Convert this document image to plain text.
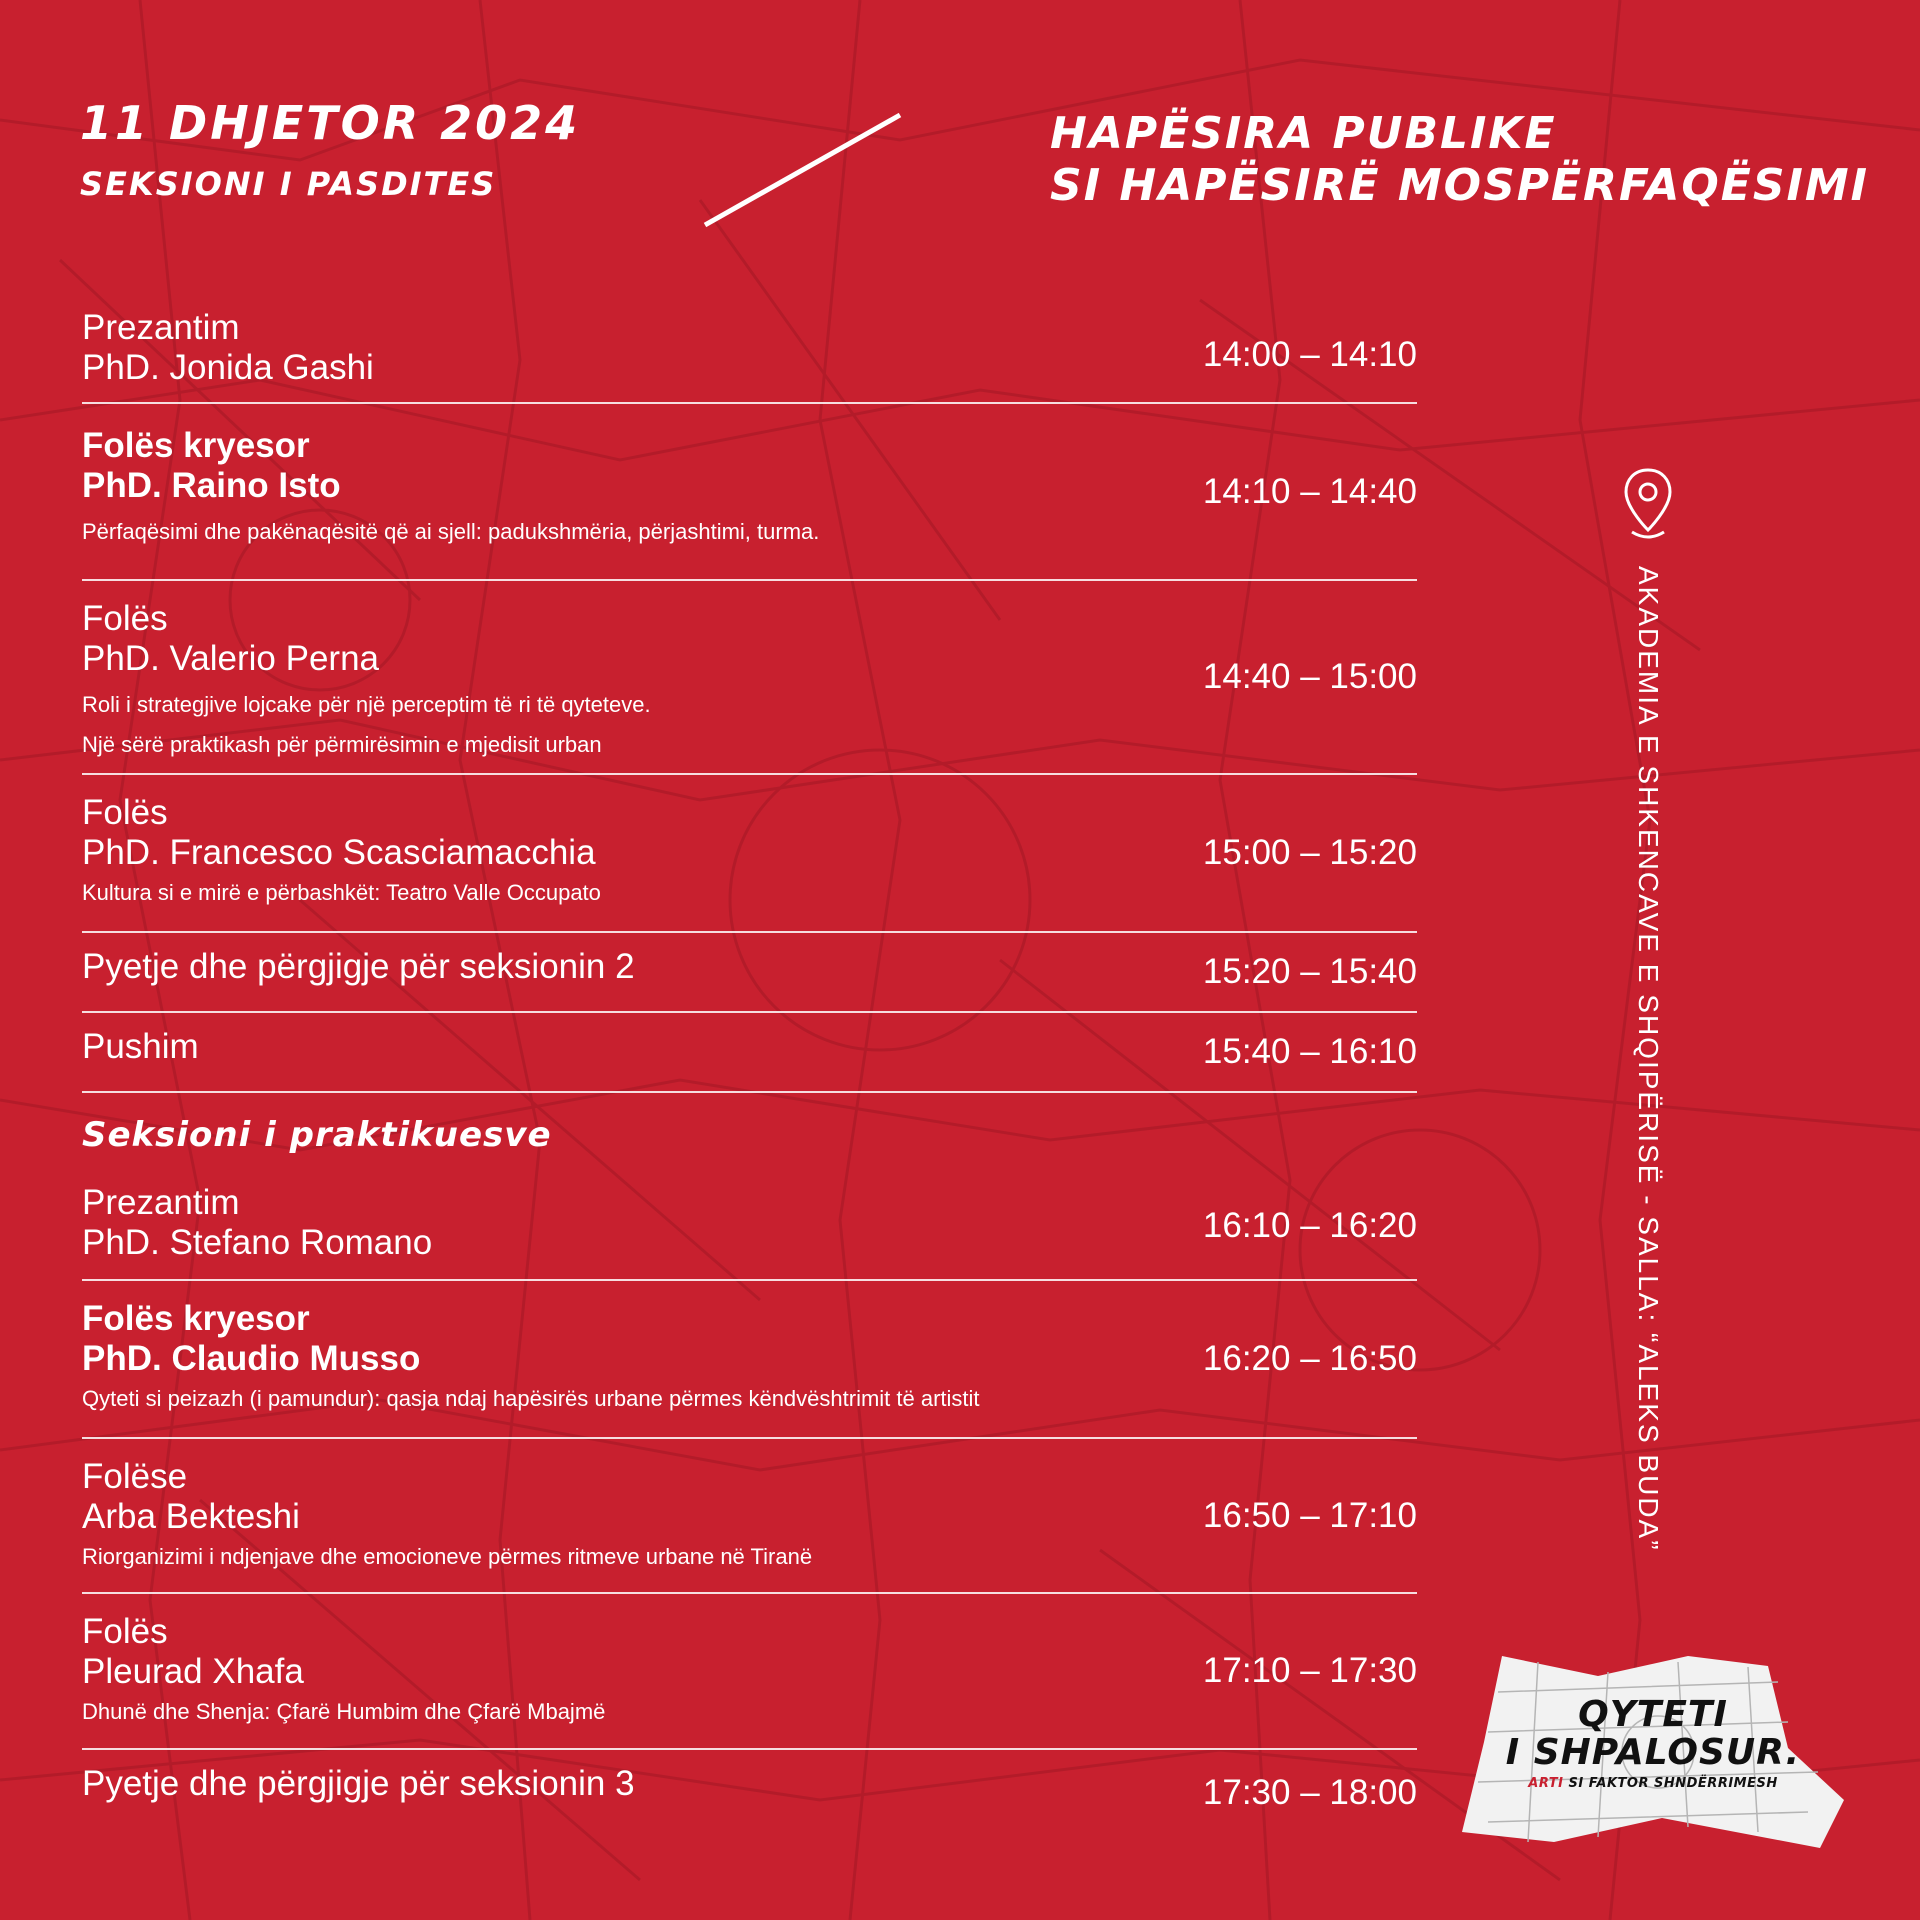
11 DHJETOR 2024
SEKSIONI I PASDITES
HAPËSIRA PUBLIKE
SI HAPËSIRË MOSPËRFAQËSIMI
Prezantim
PhD. Jonida Gashi	14:00 – 14:10
Folës kryesor
PhD. Raino Isto
Përfaqësimi dhe pakënaqësitë që ai sjell: padukshmëria, përjashtimi, turma.
14:10 – 14:40
Folës
PhD. Valerio Perna
Roli i strategjive lojcake për një perceptim të ri të qyteteve.
Një sërë praktikash për përmirësimin e mjedisit urban
14:40 – 15:00
Folës
PhD. Francesco Scasciamacchia
Kultura si e mirë e përbashkët: Teatro Valle Occupato
15:00 – 15:20
Pyetje dhe përgjigje për seksionin 2	15:20 – 15:40
Pushim	15:40 – 16:10
Seksioni i praktikuesve
Prezantim
PhD. Stefano Romano	16:10 – 16:20
Folës kryesor
PhD. Claudio Musso
Qyteti si peizazh (i pamundur): qasja ndaj hapësirës urbane përmes këndvështrimit të artistit
16:20 – 16:50
Folëse
Arba Bekteshi
Riorganizimi i ndjenjave dhe emocioneve përmes ritmeve urbane në Tiranë
16:50 – 17:10
Folës
Pleurad Xhafa
Dhunë dhe Shenja: Çfarë Humbim dhe Çfarë Mbajmë
17:10 – 17:30
Pyetje dhe përgjigje për seksionin 3	17:30 – 18:00
AKADEMIA E SHKENCAVE E SHQIPËRISË - SALLA: “ALEKS BUDA”
QYTETI
I SHPALOSUR.
ARTI SI FAKTOR SHNDËRRIMESH
